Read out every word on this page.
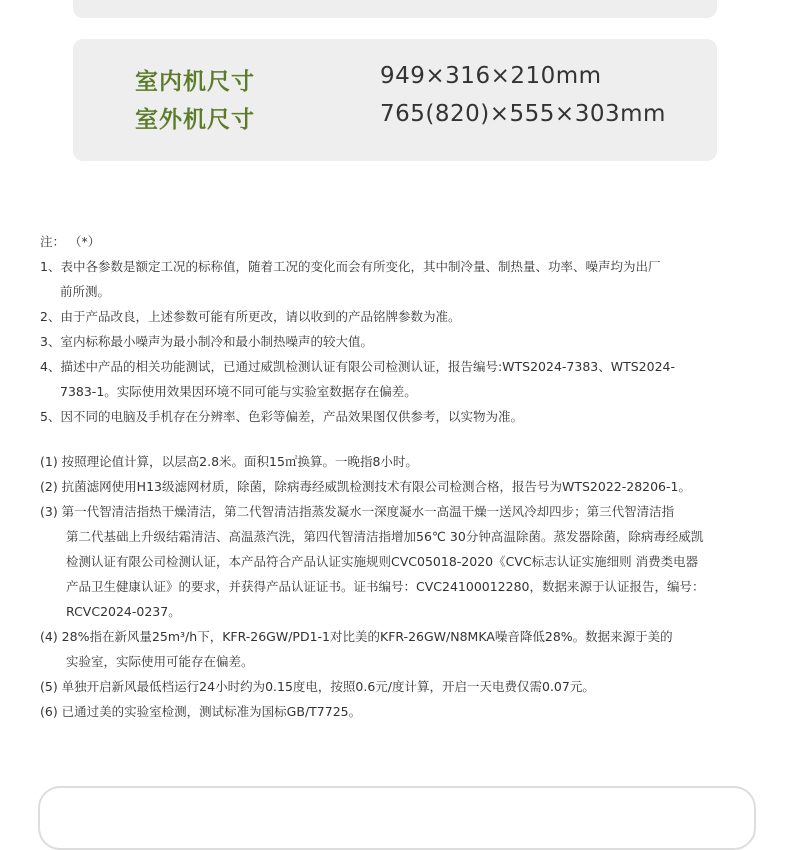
室内机尺寸	949×316×210mm
室外机尺寸	765(820)×555×303mm
注： （*）
1、表中各参数是额定工况的标称值，随着工况的变化而会有所变化，其中制冷量、制热量、功率、噪声均为出厂
前所测。
2、由于产品改良，上述参数可能有所更改，请以收到的产品铭牌参数为准。
3、室内标称最小噪声为最小制冷和最小制热噪声的较大值。
4、描述中产品的相关功能测试，已通过威凯检测认证有限公司检测认证，报告编号:WTS2024-7383、WTS2024-
7383-1。实际使用效果因环境不同可能与实验室数据存在偏差。
5、因不同的电脑及手机存在分辨率、色彩等偏差，产品效果图仅供参考，以实物为准。
(1) 按照理论值计算，以层高2.8米。面积15㎡换算。一晚指8小时。
(2) 抗菌滤网使用H13级滤网材质，除菌，除病毒经威凯检测技术有限公司检测合格，报告号为WTS2022-28206-1。
(3) 第一代智清洁指热干燥清洁，第二代智清洁指蒸发凝水一深度凝水一高温干燥一送风冷却四步；第三代智清洁指
第二代基础上升级结霜清洁、高温蒸汽洗，第四代智清洁指增加56℃ 30分钟高温除菌。蒸发器除菌，除病毒经威凯
检测认证有限公司检测认证，本产品符合产品认证实施规则CVC05018-2020《CVC标志认证实施细则 消费类电器
产品卫生健康认证》的要求，并获得产品认证证书。证书编号：CVC24100012280，数据来源于认证报告，编号：
RCVC2024-0237。
(4) 28%指在新风量25m³/h下，KFR-26GW/PD1-1对比美的KFR-26GW/N8MKA噪音降低28%。数据来源于美的
实验室，实际使用可能存在偏差。
(5) 单独开启新风最低档运行24小时约为0.15度电，按照0.6元/度计算，开启一天电费仅需0.07元。
(6) 已通过美的实验室检测，测试标准为国标GB/T7725。
